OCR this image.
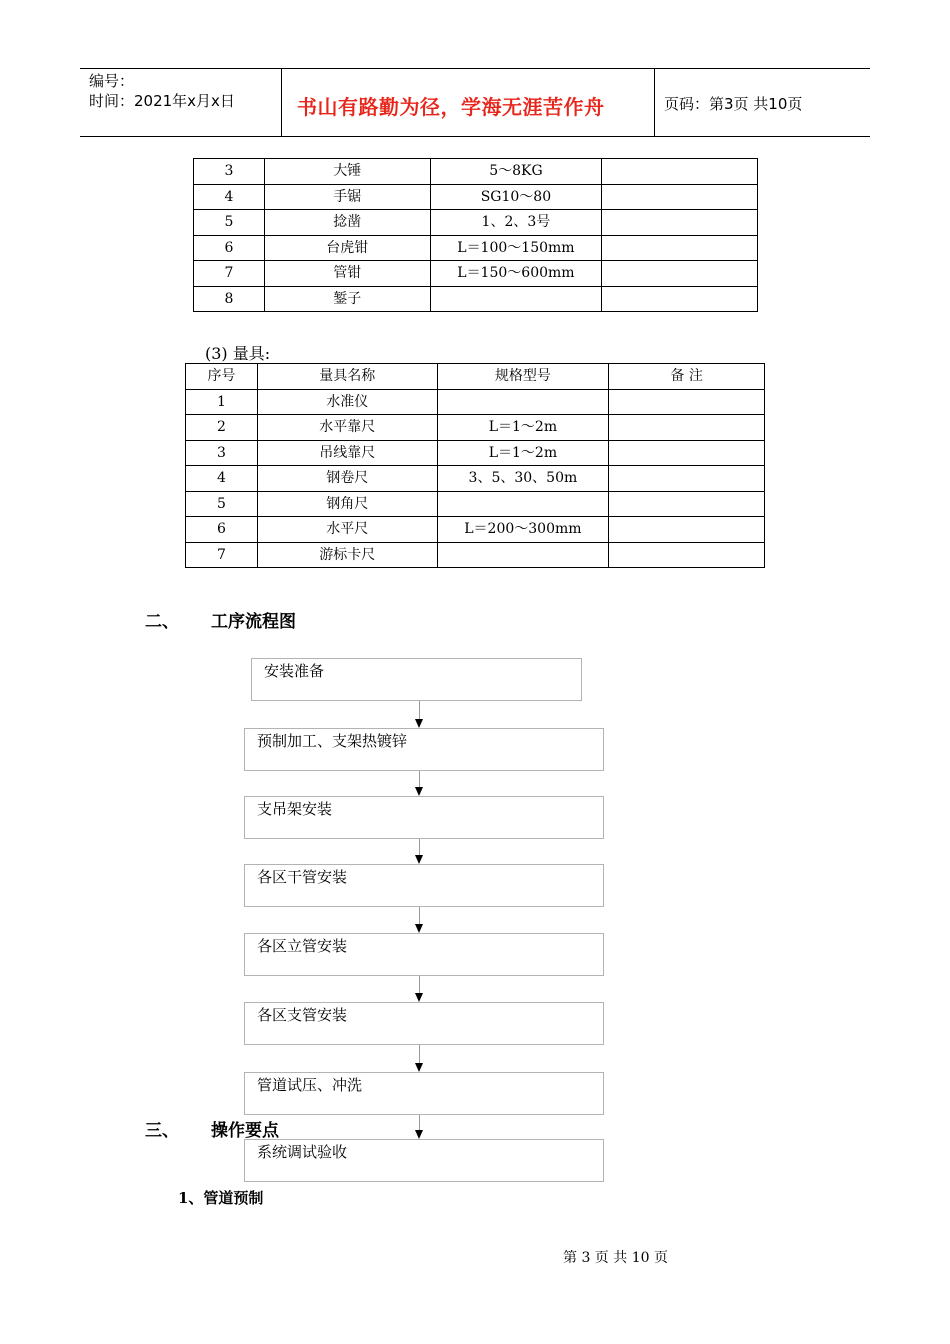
编号：
时间：2021年x月x日	书山有路勤为径，学海无涯苦作舟	页码：第3页 共10页
3	大锤	5～8KG	
4	手锯	SG10～80	
5	捻凿	1、2、3号	
6	台虎钳	L＝100～150mm	
7	管钳	L＝150～600mm	
8	錾子		
(3) 量具:
序号	量具名称	规格型号	备 注
1	水准仪		
2	水平靠尺	L＝1～2m	
3	吊线靠尺	L＝1～2m	
4	钢卷尺	3、5、30、50m	
5	钢角尺		
6	水平尺	L＝200～300mm	
7	游标卡尺		
二、 工序流程图
安装准备
预制加工、支架热镀锌
支吊架安装
各区干管安装
各区立管安装
各区支管安装
管道试压、冲洗
系统调试验收
三、 操作要点
1、管道预制
第 3 页 共 10 页
